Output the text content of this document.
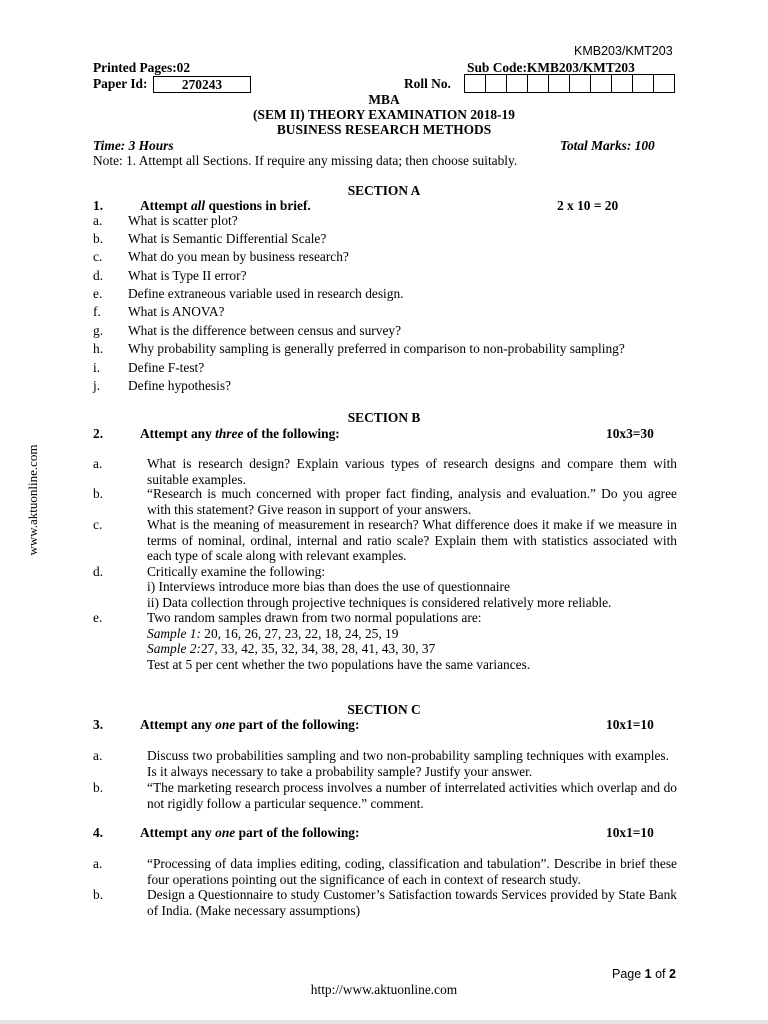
KMB203/KMT203
Printed Pages:02	Sub Code:KMB203/KMT203
Paper Id:	270243	Roll No.
MBA
(SEM II) THEORY EXAMINATION 2018-19
BUSINESS RESEARCH METHODS
Time: 3 Hours	Total Marks: 100
Note: 1. Attempt all Sections. If require any missing data; then choose suitably.
www.aktuonline.com
SECTION A
1.	Attempt all questions in brief.	2 x 10 = 20
a. What is scatter plot?
b. What is Semantic Differential Scale?
c. What do you mean by business research?
d. What is Type II error?
e. Define extraneous variable used in research design.
f. What is ANOVA?
g. What is the difference between census and survey?
h. Why probability sampling is generally preferred in comparison to non-probability sampling?
i. Define F-test?
j. Define hypothesis?
SECTION B
2.	Attempt any three of the following:	10x3=30
a.	What is research design? Explain various types of research designs and compare them with suitable examples.
b.	“Research is much concerned with proper fact finding, analysis and evaluation.” Do you agree with this statement? Give reason in support of your answers.
c.	What is the meaning of measurement in research? What difference does it make if we measure in terms of nominal, ordinal, internal and ratio scale? Explain them with statistics associated with each type of scale along with relevant examples.
d.	Critically examine the following:
i) Interviews introduce more bias than does the use of questionnaire
ii) Data collection through projective techniques is considered relatively more reliable.
e.	Two random samples drawn from two normal populations are:
Sample 1: 20, 16, 26, 27, 23, 22, 18, 24, 25, 19
Sample 2:27, 33, 42, 35, 32, 34, 38, 28, 41, 43, 30, 37
Test at 5 per cent whether the two populations have the same variances.
SECTION C
3.	Attempt any one part of the following:	10x1=10
a.	Discuss two probabilities sampling and two non-probability sampling techniques with examples. Is it always necessary to take a probability sample? Justify your answer.
b.	“The marketing research process involves a number of interrelated activities which overlap and do not rigidly follow a particular sequence.” comment.
4.	Attempt any one part of the following:	10x1=10
a.	“Processing of data implies editing, coding, classification and tabulation”. Describe in brief these four operations pointing out the significance of each in context of research study.
b.	Design a Questionnaire to study Customer’s Satisfaction towards Services provided by State Bank of India. (Make necessary assumptions)
Page 1 of 2
http://www.aktuonline.com
